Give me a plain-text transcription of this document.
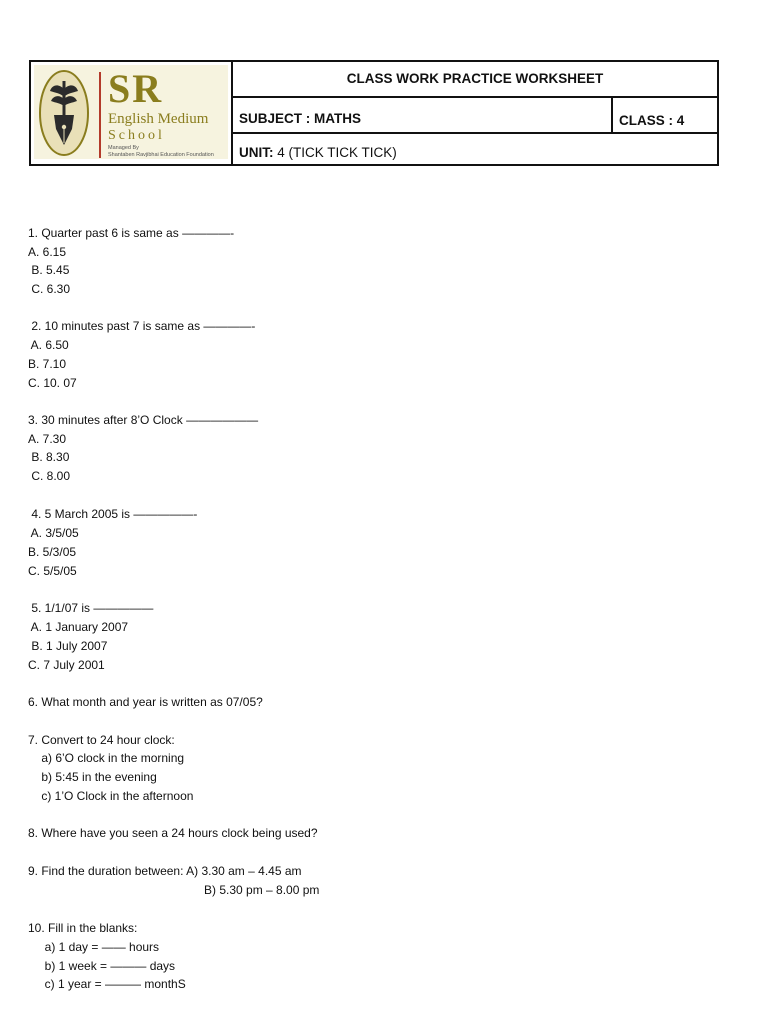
SR
English Medium
School
Managed By
Shantaben Ravjibhai Education Foundation
CLASS WORK PRACTICE WORKSHEET
SUBJECT : MATHS	CLASS : 4
UNIT: 4 (TICK TICK TICK)
1. Quarter past 6 is same as ————-
A. 6.15
B. 5.45
C. 6.30
2. 10 minutes past 7 is same as ————-
A. 6.50
B. 7.10
C. 10. 07
3. 30 minutes after 8’O Clock ——————
A. 7.30
B. 8.30
C. 8.00
4. 5 March 2005 is —————-
A. 3/5/05
B. 5/3/05
C. 5/5/05
5. 1/1/07 is —————
A. 1 January 2007
B. 1 July 2007
C. 7 July 2001
6. What month and year is written as 07/05?
7. Convert to 24 hour clock:
a) 6’O clock in the morning
b) 5:45 in the evening
c) 1’O Clock in the afternoon
8. Where have you seen a 24 hours clock being used?
9. Find the duration between: A) 3.30 am – 4.45 am
B) 5.30 pm – 8.00 pm
10. Fill in the blanks:
a) 1 day = —— hours
b) 1 week = ——— days
c) 1 year = ——— monthS
